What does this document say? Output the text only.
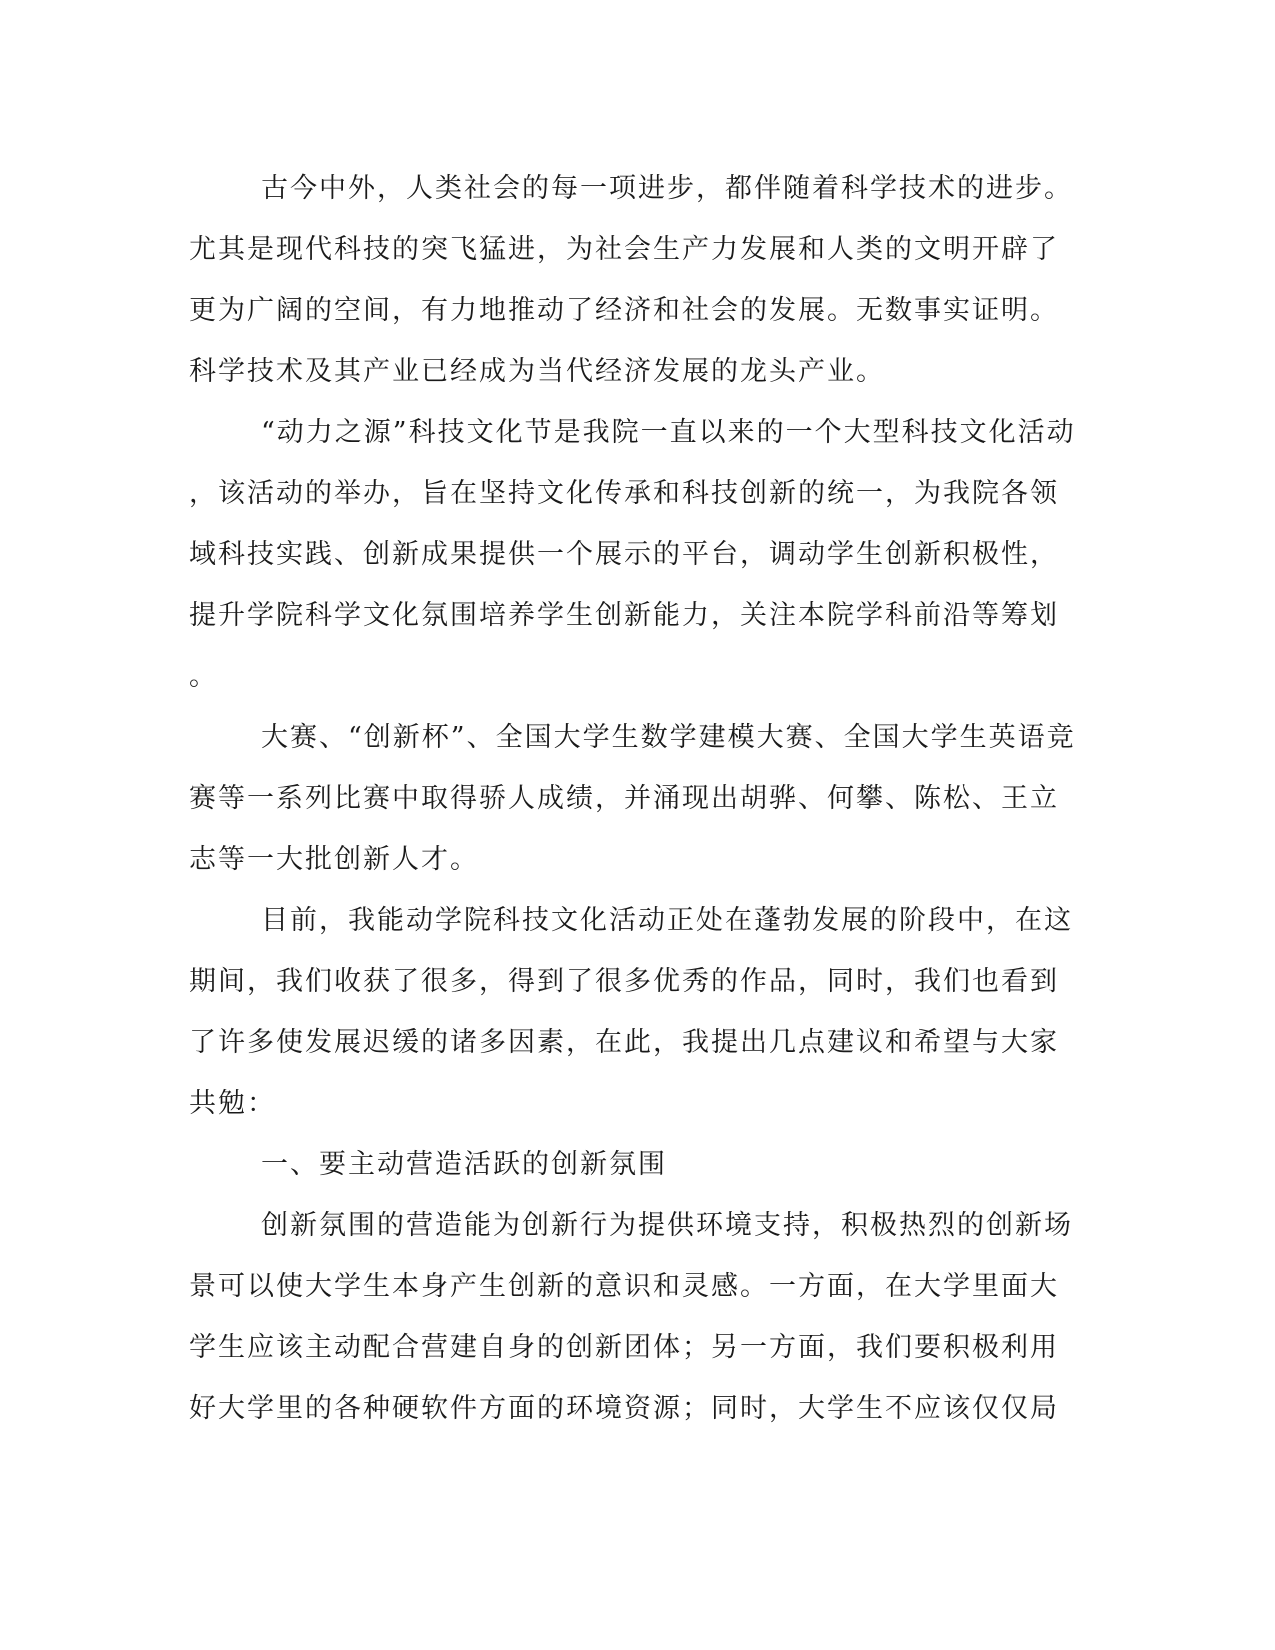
古今中外，人类社会的每一项进步，都伴随着科学技术的进步。
尤其是现代科技的突飞猛进，为社会生产力发展和人类的文明开辟了
更为广阔的空间，有力地推动了经济和社会的发展。无数事实证明。
科学技术及其产业已经成为当代经济发展的龙头产业。
“动力之源”科技文化节是我院一直以来的一个大型科技文化活动
，该活动的举办，旨在坚持文化传承和科技创新的统一，为我院各领
域科技实践、创新成果提供一个展示的平台，调动学生创新积极性，
提升学院科学文化氛围培养学生创新能力，关注本院学科前沿等筹划
。
大赛、“创新杯”、全国大学生数学建模大赛、全国大学生英语竞
赛等一系列比赛中取得骄人成绩，并涌现出胡骅、何攀、陈松、王立
志等一大批创新人才。
目前，我能动学院科技文化活动正处在蓬勃发展的阶段中，在这
期间，我们收获了很多，得到了很多优秀的作品，同时，我们也看到
了许多使发展迟缓的诸多因素，在此，我提出几点建议和希望与大家
共勉：
一、要主动营造活跃的创新氛围
创新氛围的营造能为创新行为提供环境支持，积极热烈的创新场
景可以使大学生本身产生创新的意识和灵感。一方面，在大学里面大
学生应该主动配合营建自身的创新团体；另一方面，我们要积极利用
好大学里的各种硬软件方面的环境资源；同时，大学生不应该仅仅局
